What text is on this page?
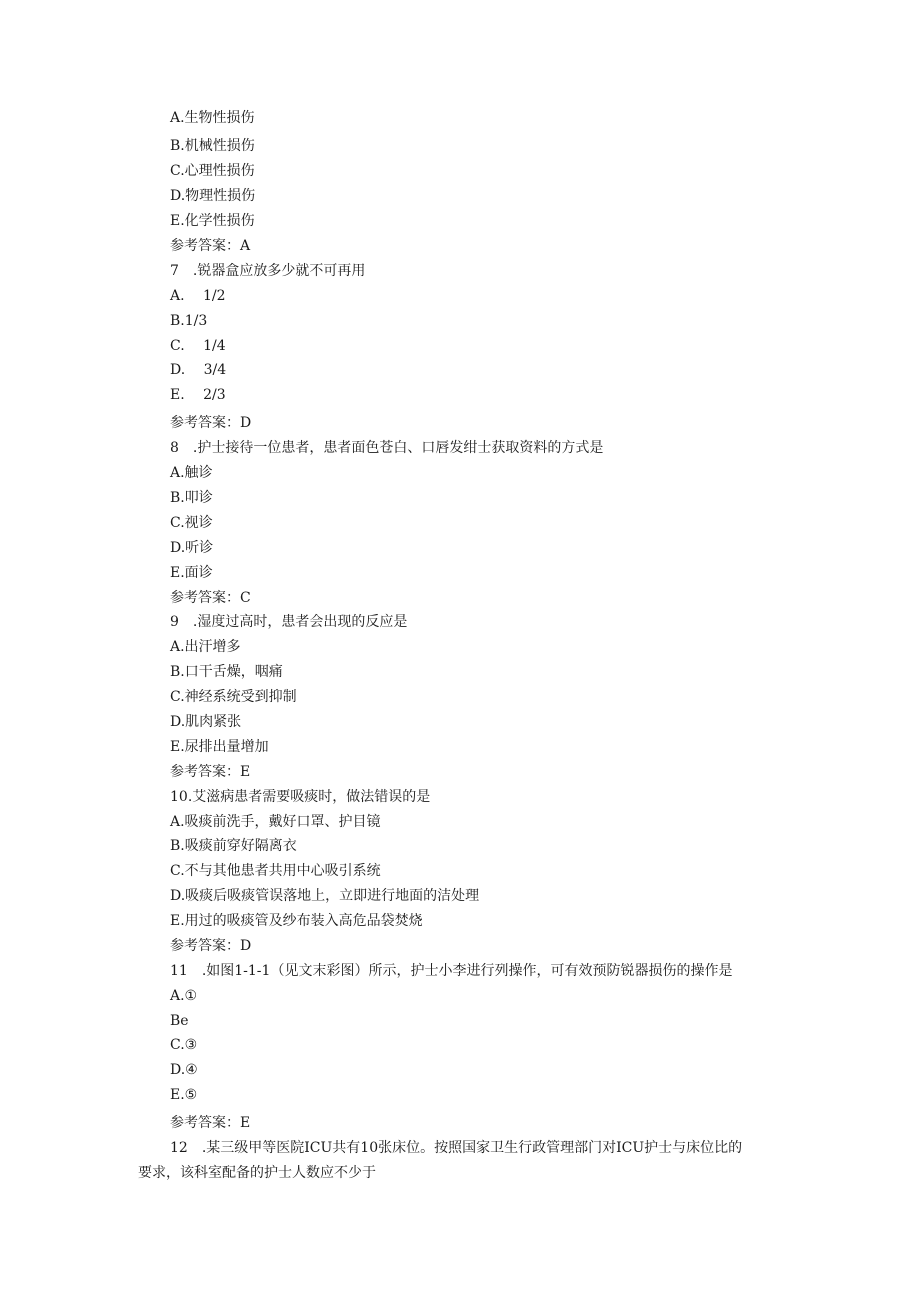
A.生物性损伤
B.机械性损伤
C.心理性损伤
D.物理性损伤
E.化学性损伤
参考答案：A
7　.锐器盒应放多少就不可再用
A.　 1/2
B.1/3
C.　 1/4
D.　 3/4
E.　 2/3
参考答案：D
8　.护士接待一位患者，患者面色苍白、口唇发绀士获取资料的方式是
A.触诊
B.叩诊
C.视诊
D.听诊
E.面诊
参考答案：C
9　.湿度过高时，患者会出现的反应是
A.出汗增多
B.口干舌燥，咽痛
C.神经系统受到抑制
D.肌肉紧张
E.尿排出量增加
参考答案：E
10.艾滋病患者需要吸痰时，做法错误的是
A.吸痰前洗手，戴好口罩、护目镜
B.吸痰前穿好隔离衣
C.不与其他患者共用中心吸引系统
D.吸痰后吸痰管误落地上，立即进行地面的洁处理
E.用过的吸痰管及纱布装入高危品袋焚烧
参考答案：D
11　.如图1-1-1（见文末彩图）所示，护士小李进行列操作，可有效预防锐器损伤的操作是
A.①
Be
C.③
D.④
E.⑤
参考答案：E
12　.某三级甲等医院ICU共有10张床位。按照国家卫生行政管理部门对ICU护士与床位比的
要求，该科室配备的护士人数应不少于
